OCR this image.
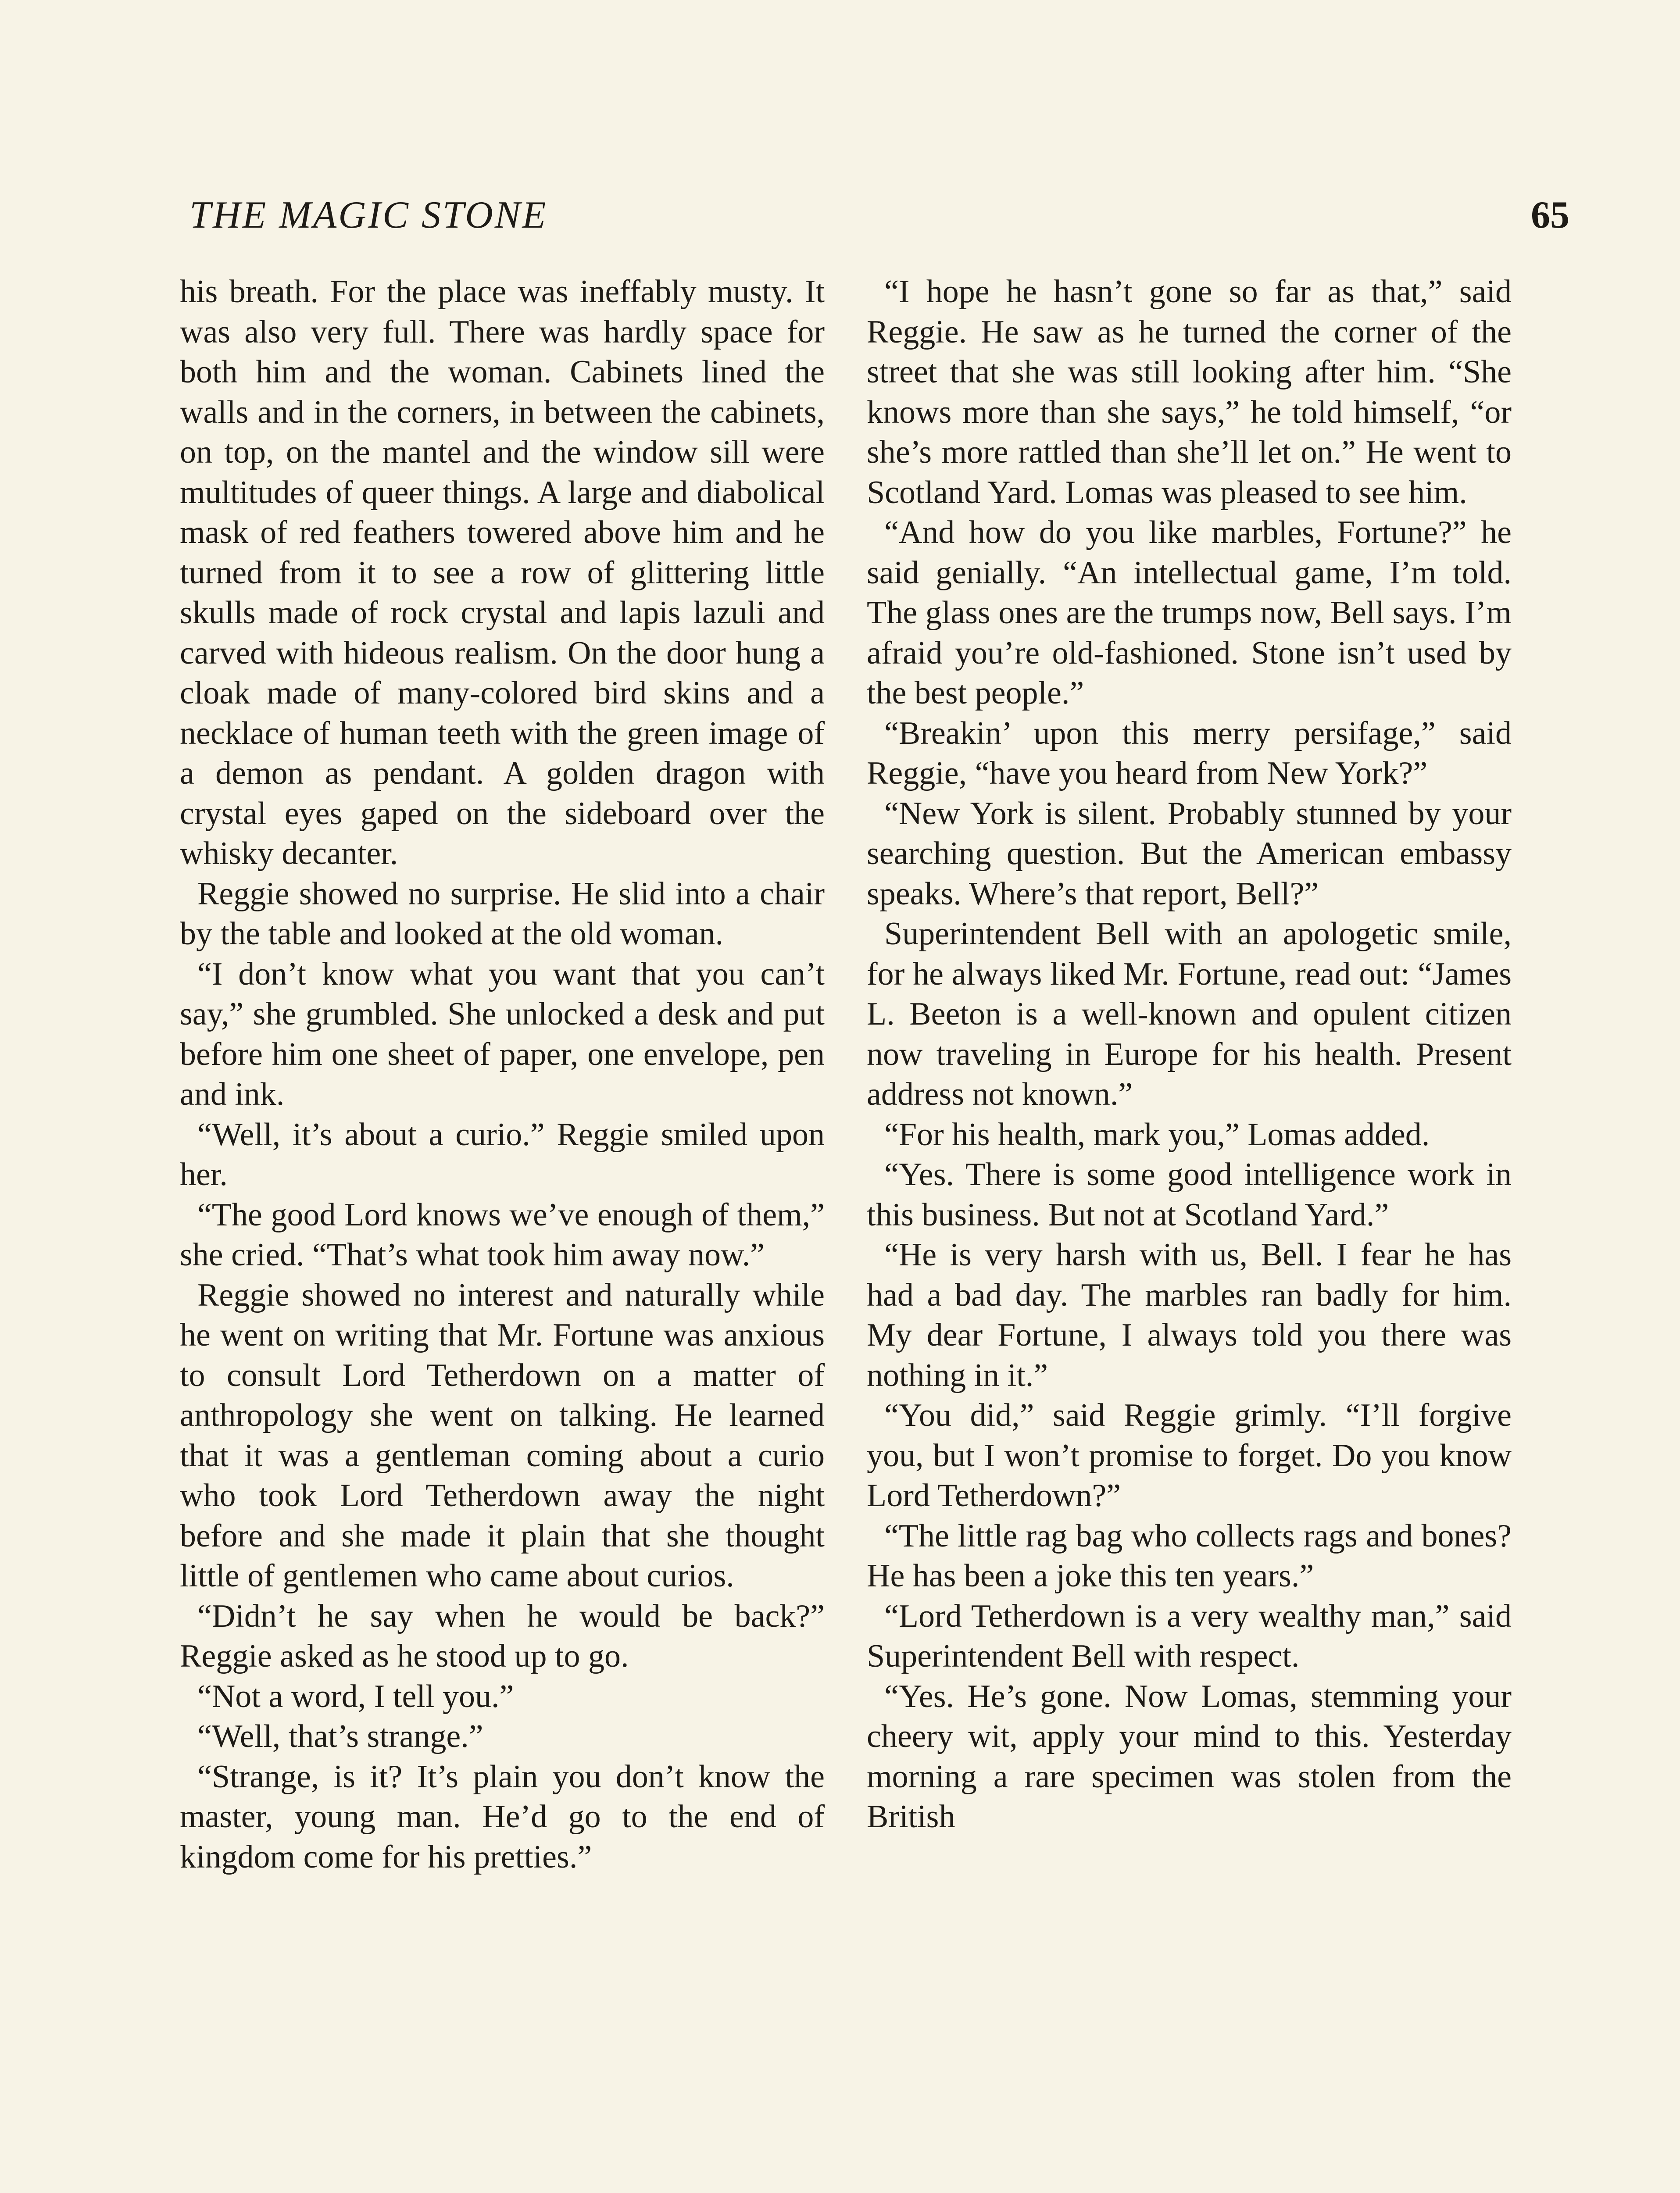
THE MAGIC STONE	65

his breath. For the place was ineffably musty. It was also very full. There was hardly space for both him and the woman. Cabinets lined the walls and in the corners, in between the cabinets, on top, on the mantel and the window sill were multitudes of queer things. A large and diabolical mask of red feathers towered above him and he turned from it to see a row of glittering little skulls made of rock crystal and lapis lazuli and carved with hideous realism. On the door hung a cloak made of many-colored bird skins and a necklace of human teeth with the green image of a demon as pendant. A golden dragon with crystal eyes gaped on the sideboard over the whisky decanter.

Reggie showed no surprise. He slid into a chair by the table and looked at the old woman.

“I don’t know what you want that you can’t say,” she grumbled. She unlocked a desk and put before him one sheet of paper, one envelope, pen and ink.

“Well, it’s about a curio.” Reggie smiled upon her.

“The good Lord knows we’ve enough of them,” she cried. “That’s what took him away now.”

Reggie showed no interest and naturally while he went on writing that Mr. Fortune was anxious to consult Lord Tetherdown on a matter of anthropology she went on talking. He learned that it was a gentleman coming about a curio who took Lord Tetherdown away the night before and she made it plain that she thought little of gentlemen who came about curios.

“Didn’t he say when he would be back?” Reggie asked as he stood up to go.

“Not a word, I tell you.”

“Well, that’s strange.”

“Strange, is it? It’s plain you don’t know the master, young man. He’d go to the end of kingdom come for his pretties.”

“I hope he hasn’t gone so far as that,” said Reggie. He saw as he turned the corner of the street that she was still looking after him. “She knows more than she says,” he told himself, “or she’s more rattled than she’ll let on.” He went to Scotland Yard. Lomas was pleased to see him.

“And how do you like marbles, Fortune?” he said genially. “An intellectual game, I’m told. The glass ones are the trumps now, Bell says. I’m afraid you’re old-fashioned. Stone isn’t used by the best people.”

“Breakin’ upon this merry persifage,” said Reggie, “have you heard from New York?”

“New York is silent. Probably stunned by your searching question. But the American embassy speaks. Where’s that report, Bell?”

Superintendent Bell with an apologetic smile, for he always liked Mr. Fortune, read out: “James L. Beeton is a well-known and opulent citizen now traveling in Europe for his health. Present address not known.”

“For his health, mark you,” Lomas added.

“Yes. There is some good intelligence work in this business. But not at Scotland Yard.”

“He is very harsh with us, Bell. I fear he has had a bad day. The marbles ran badly for him. My dear Fortune, I always told you there was nothing in it.”

“You did,” said Reggie grimly. “I’ll forgive you, but I won’t promise to forget. Do you know Lord Tetherdown?”

“The little rag bag who collects rags and bones? He has been a joke this ten years.”

“Lord Tetherdown is a very wealthy man,” said Superintendent Bell with respect.

“Yes. He’s gone. Now Lomas, stemming your cheery wit, apply your mind to this. Yesterday morning a rare specimen was stolen from the British
